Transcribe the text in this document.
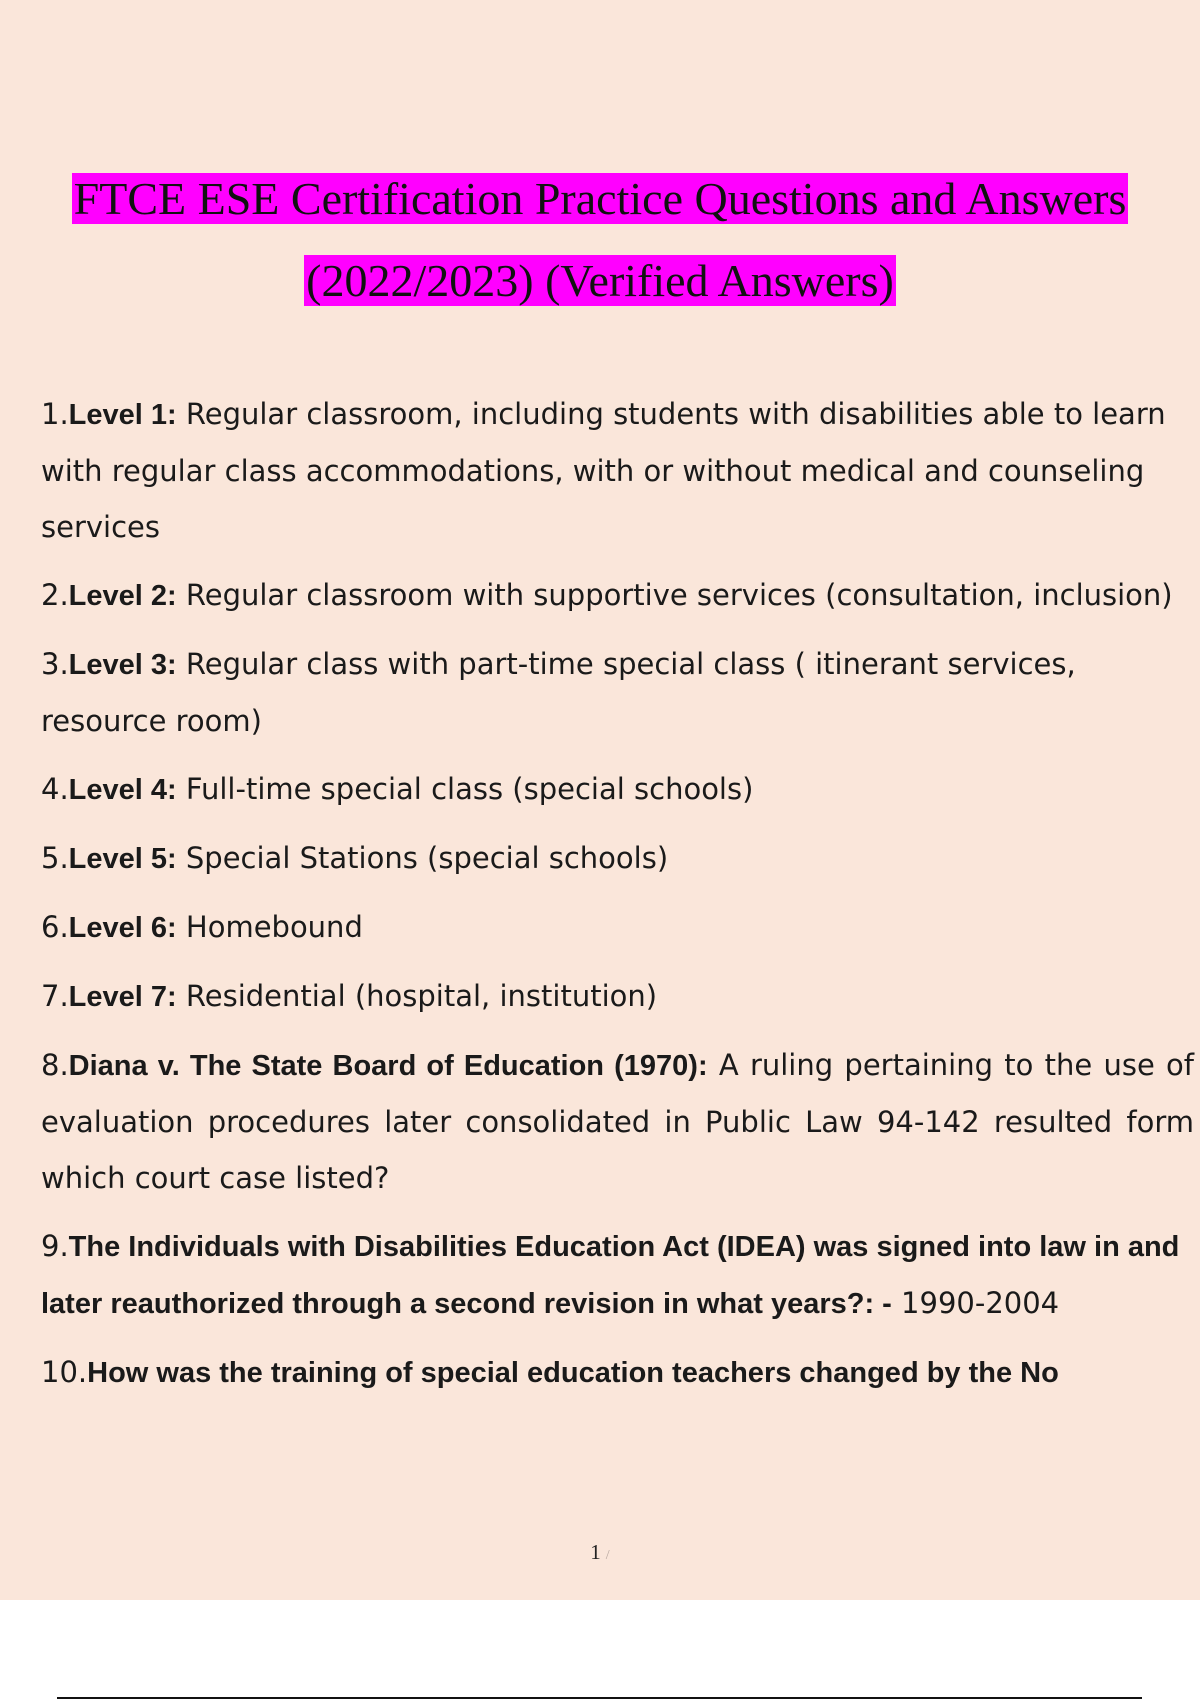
FTCE ESE Certification Practice Questions and Answers
(2022/2023) (Verified Answers)
1.Level 1: Regular classroom, including students with disabilities able to learn with regular class accommodations, with or without medical and counseling services
2.Level 2: Regular classroom with supportive services (consultation, inclusion)
3.Level 3: Regular class with part-time special class ( itinerant services, resource room)
4.Level 4: Full-time special class (special schools)
5.Level 5: Special Stations (special schools)
6.Level 6: Homebound
7.Level 7: Residential (hospital, institution)
8.Diana v. The State Board of Education (1970): A ruling pertaining to the use of evaluation procedures later consolidated in Public Law 94-142 resulted form which court case listed?
9.The Individuals with Disabilities Education Act (IDEA) was signed into law in and later reauthorized through a second revision in what years?: - 1990-2004
10.How was the training of special education teachers changed by the No
1 /
